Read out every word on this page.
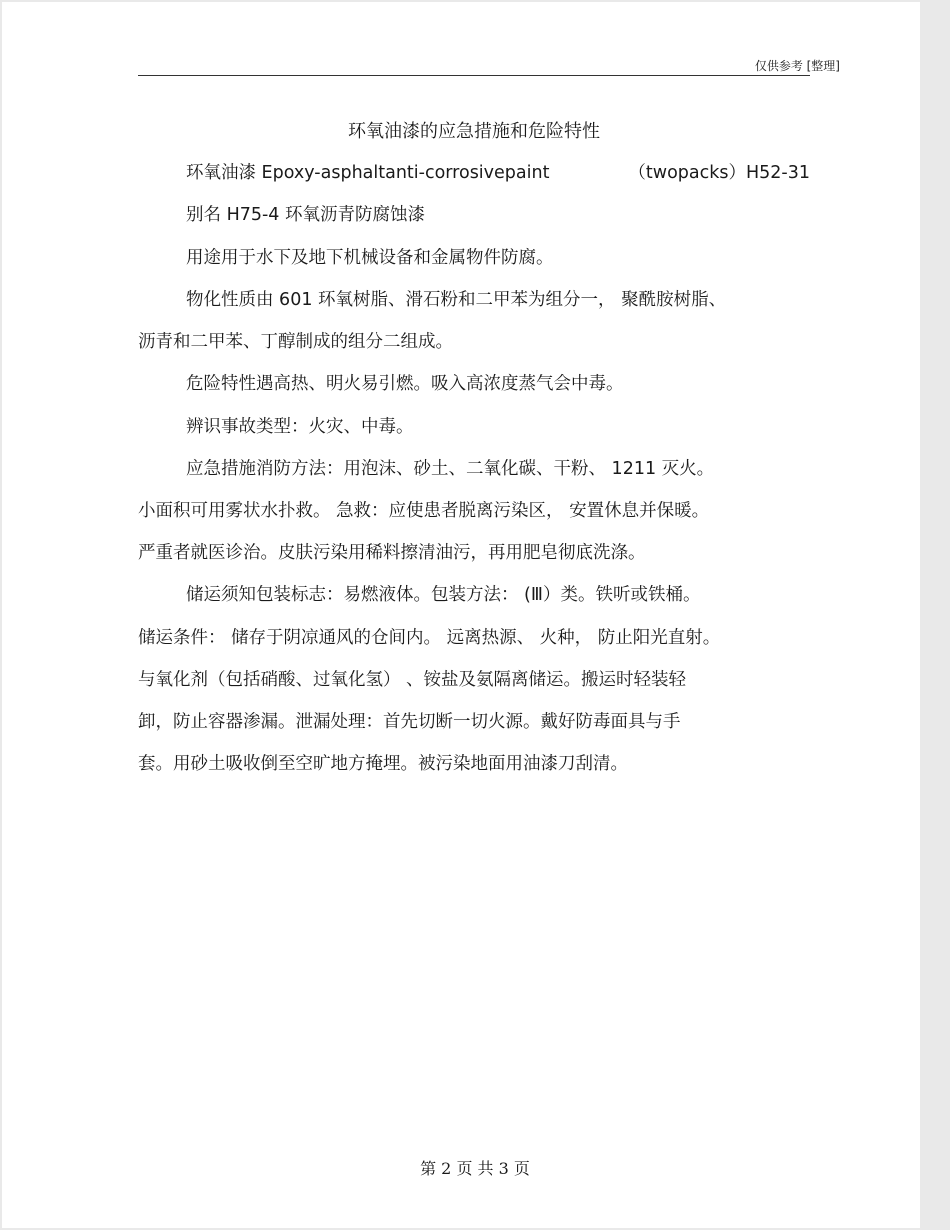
仅供参考 [整理]
环氧油漆的应急措施和危险特性
环氧油漆 Epoxy-asphaltanti-corrosivepaint	（twopacks）H52-31
别名 H75-4 环氧沥青防腐蚀漆
用途用于水下及地下机械设备和金属物件防腐。
物化性质由 601 环氧树脂、滑石粉和二甲苯为组分一， 聚酰胺树脂、
沥青和二甲苯、丁醇制成的组分二组成。
危险特性遇高热、明火易引燃。吸入高浓度蒸气会中毒。
辨识事故类型：火灾、中毒。
应急措施消防方法：用泡沫、砂土、二氧化碳、干粉、 1211 灭火。
小面积可用雾状水扑救。 急救：应使患者脱离污染区， 安置休息并保暖。
严重者就医诊治。皮肤污染用稀料擦清油污，再用肥皂彻底洗涤。
储运须知包装标志：易燃液体。包装方法： (Ⅲ）类。铁听或铁桶。
储运条件： 储存于阴凉通风的仓间内。 远离热源、 火种， 防止阳光直射。
与氧化剂（包括硝酸、过氧化氢） 、铵盐及氨隔离储运。搬运时轻装轻
卸，防止容器渗漏。泄漏处理：首先切断一切火源。戴好防毒面具与手
套。用砂土吸收倒至空旷地方掩埋。被污染地面用油漆刀刮清。
第 2 页 共 3 页
